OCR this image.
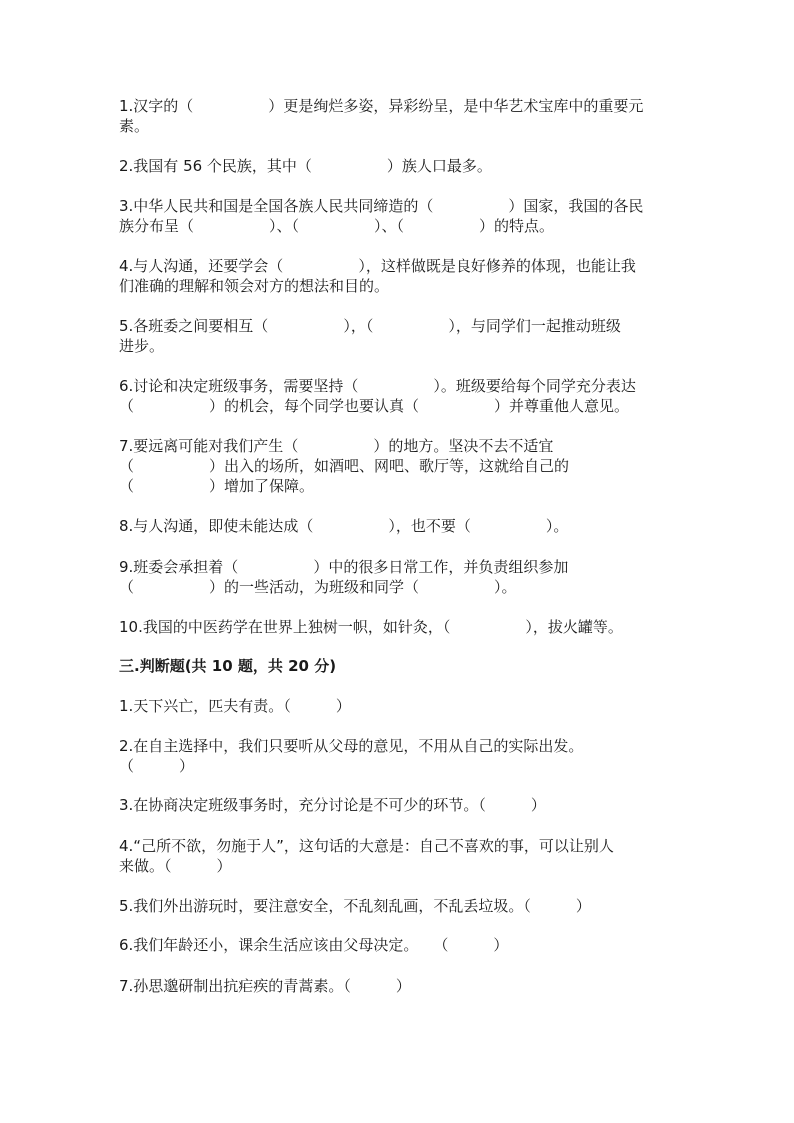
1.汉字的（　　　　　）更是绚烂多姿，异彩纷呈，是中华艺术宝库中的重要元
素。
2.我国有 56 个民族，其中（　　　　　）族人口最多。
3.中华人民共和国是全国各族人民共同缔造的（　　　　　）国家，我国的各民
族分布呈（　　　　　）、（　　　　　）、（　　　　　）的特点。
4.与人沟通，还要学会（　　　　　），这样做既是良好修养的体现，也能让我
们准确的理解和领会对方的想法和目的。
5.各班委之间要相互（　　　　　），（　　　　　），与同学们一起推动班级
进步。
6.讨论和决定班级事务，需要坚持（　　　　　）。班级要给每个同学充分表达
（　　　　　）的机会，每个同学也要认真（　　　　　）并尊重他人意见。
7.要远离可能对我们产生（　　　　　）的地方。坚决不去不适宜
（　　　　　）出入的场所，如酒吧、网吧、歌厅等，这就给自己的
（　　　　　）增加了保障。
8.与人沟通，即使未能达成（　　　　　），也不要（　　　　　）。
9.班委会承担着（　　　　　）中的很多日常工作，并负责组织参加
（　　　　　）的一些活动，为班级和同学（　　　　　）。
10.我国的中医药学在世界上独树一帜，如针灸，（　　　　　），拔火罐等。
三.判断题(共 10 题，共 20 分)
1.天下兴亡，匹夫有责。（　　　）
2.在自主选择中，我们只要听从父母的意见，不用从自己的实际出发。
（　　　）
3.在协商决定班级事务时，充分讨论是不可少的环节。（　　　）
4.“己所不欲，勿施于人”，这句话的大意是：自己不喜欢的事，可以让别人
来做。（　　　）
5.我们外出游玩时，要注意安全，不乱刻乱画，不乱丢垃圾。（　　　）
6.我们年龄还小，课余生活应该由父母决定。　　（　　　）
7.孙思邈研制出抗疟疾的青蒿素。（　　　）
